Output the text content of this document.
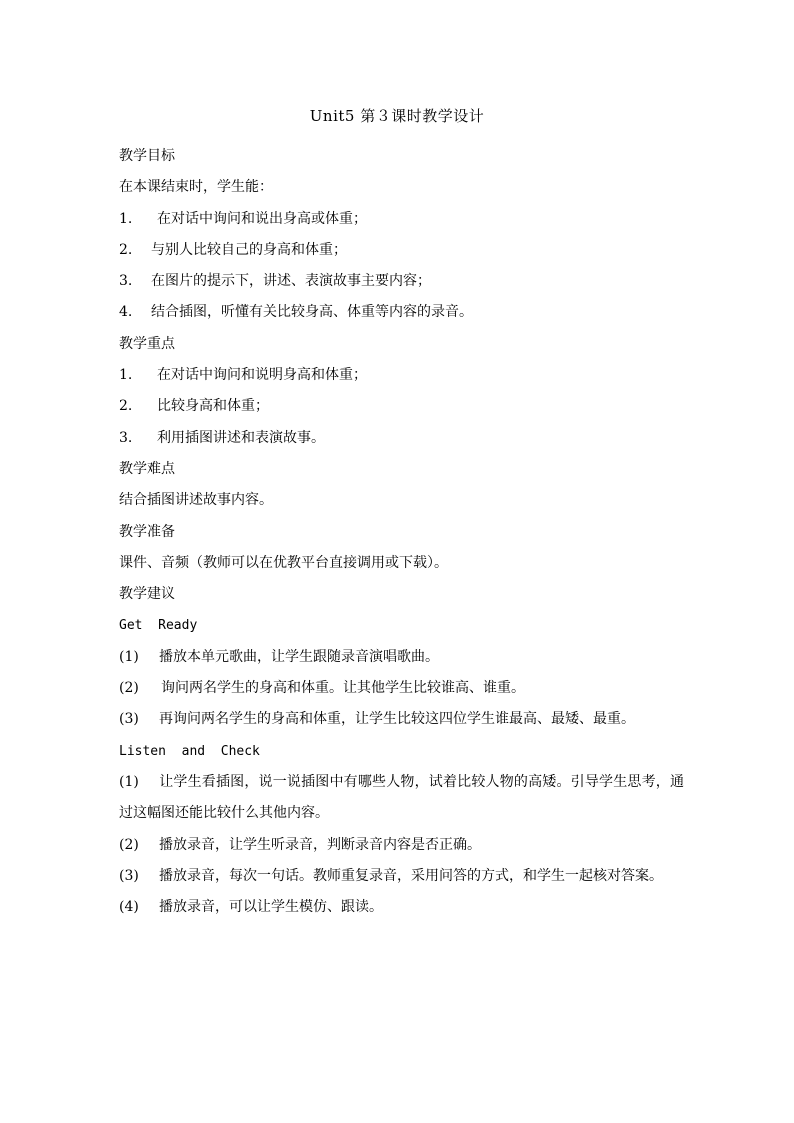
Unit5 第３课时教学设计
教学目标
在本课结束时，学生能：
1. 在对话中询问和说出身高或体重；
2. 与别人比较自己的身高和体重；
3. 在图片的提示下，讲述、表演故事主要内容；
4. 结合插图，听懂有关比较身高、体重等内容的录音。
教学重点
1. 在对话中询问和说明身高和体重；
2. 比较身高和体重；
3. 利用插图讲述和表演故事。
教学难点
结合插图讲述故事内容。
教学准备
课件、音频（教师可以在优教平台直接调用或下载）。
教学建议
Get  Ready
(1) 播放本单元歌曲，让学生跟随录音演唱歌曲。
(2) 询问两名学生的身高和体重。让其他学生比较谁高、谁重。
(3) 再询问两名学生的身高和体重，让学生比较这四位学生谁最高、最矮、最重。
Listen  and  Check
(1) 让学生看插图，说一说插图中有哪些人物，试着比较人物的高矮。引导学生思考，通过这幅图还能比较什么其他内容。
(2) 播放录音，让学生听录音，判断录音内容是否正确。
(3) 播放录音，每次一句话。教师重复录音，采用问答的方式，和学生一起核对答案。
(4) 播放录音，可以让学生模仿、跟读。
